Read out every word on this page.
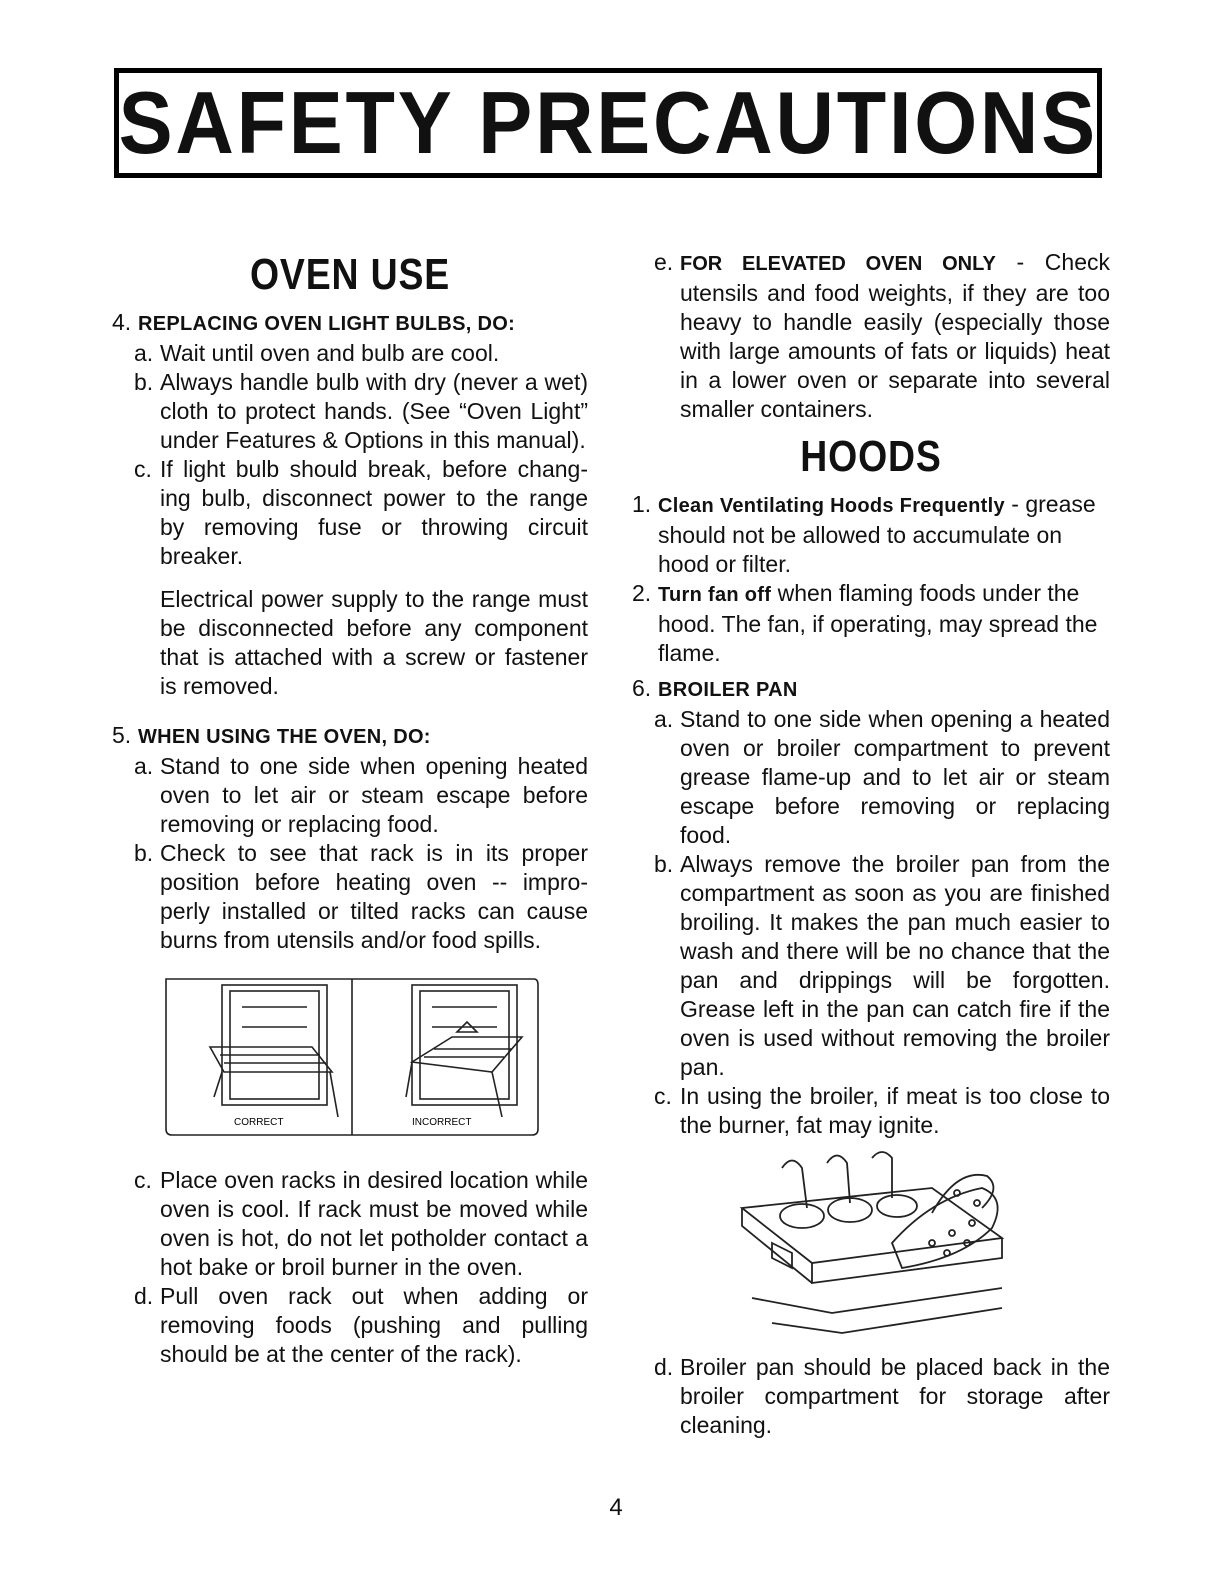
SAFETY PRECAUTIONS
OVEN USE
4. REPLACING OVEN LIGHT BULBS, DO:
a. Wait until oven and bulb are cool.
b. Always handle bulb with dry (never a wet) cloth to protect hands. (See “Oven Light” under Features & Options in this manual).
c. If light bulb should break, before chang-ing bulb, disconnect power to the range by removing fuse or throwing circuit breaker.
Electrical power supply to the range must be disconnected before any component that is attached with a screw or fastener is removed.
5. WHEN USING THE OVEN, DO:
a. Stand to one side when opening heated oven to let air or steam escape before removing or replacing food.
b. Check to see that rack is in its proper position before heating oven -- impro-perly installed or tilted racks can cause burns from utensils and/or food spills.
CORRECT	INCORRECT
c. Place oven racks in desired location while oven is cool. If rack must be moved while oven is hot, do not let potholder contact a hot bake or broil burner in the oven.
d. Pull oven rack out when adding or removing foods (pushing and pulling should be at the center of the rack).
e. FOR ELEVATED OVEN ONLY - Check utensils and food weights, if they are too heavy to handle easily (especially those with large amounts of fats or liquids) heat in a lower oven or separate into several smaller containers.
HOODS
1. Clean Ventilating Hoods Frequently - grease should not be allowed to accumulate on hood or filter.
2. Turn fan off when flaming foods under the hood. The fan, if operating, may spread the flame.
6. BROILER PAN
a. Stand to one side when opening a heated oven or broiler compartment to prevent grease flame-up and to let air or steam escape before removing or replacing food.
b. Always remove the broiler pan from the compartment as soon as you are finished broiling. It makes the pan much easier to wash and there will be no chance that the pan and drippings will be forgotten. Grease left in the pan can catch fire if the oven is used without removing the broiler pan.
c. In using the broiler, if meat is too close to the burner, fat may ignite.
d. Broiler pan should be placed back in the broiler compartment for storage after cleaning.
4
